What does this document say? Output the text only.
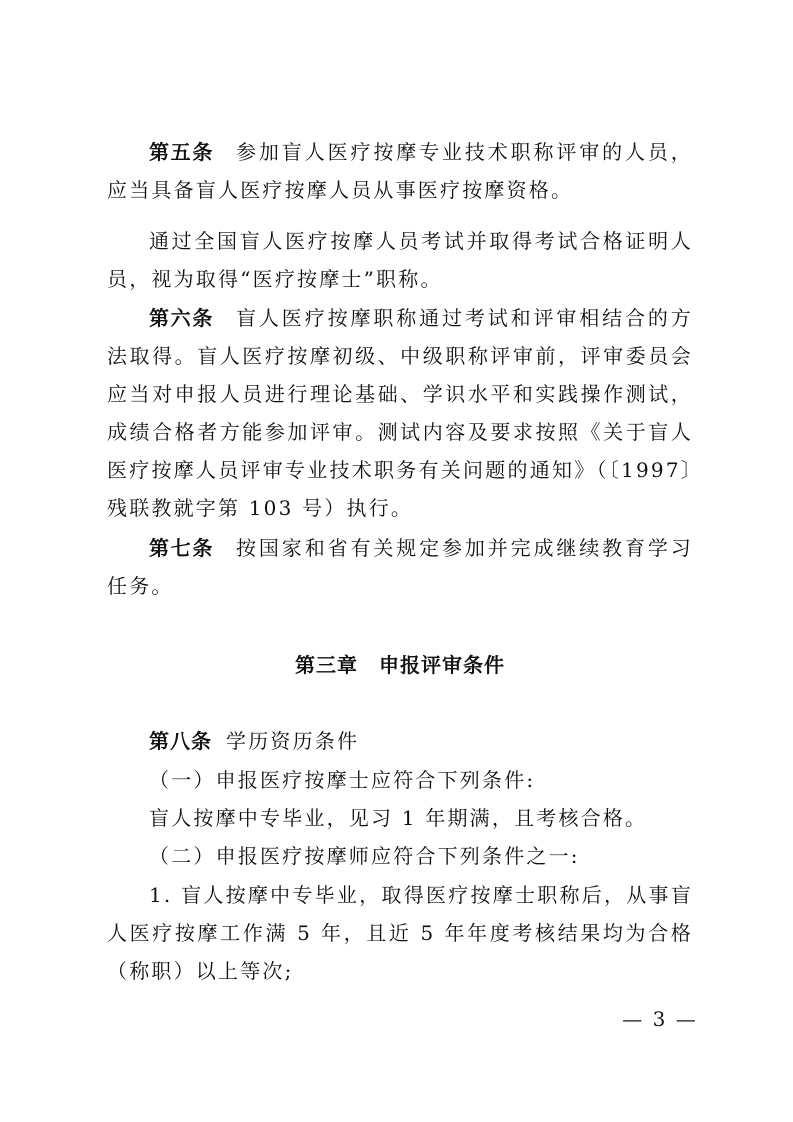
第五条 参加盲人医疗按摩专业技术职称评审的人员，应当具备盲人医疗按摩人员从事医疗按摩资格。

通过全国盲人医疗按摩人员考试并取得考试合格证明人员，视为取得“医疗按摩士”职称。

第六条 盲人医疗按摩职称通过考试和评审相结合的方法取得。盲人医疗按摩初级、中级职称评审前，评审委员会应当对申报人员进行理论基础、学识水平和实践操作测试，成绩合格者方能参加评审。测试内容及要求按照《关于盲人医疗按摩人员评审专业技术职务有关问题的通知》（〔1997〕残联教就字第 103 号）执行。

第七条 按国家和省有关规定参加并完成继续教育学习任务。

第三章　申报评审条件

第八条 学历资历条件

（一）申报医疗按摩士应符合下列条件:

盲人按摩中专毕业，见习 1 年期满，且考核合格。

（二）申报医疗按摩师应符合下列条件之一:

1. 盲人按摩中专毕业，取得医疗按摩士职称后，从事盲人医疗按摩工作满 5 年，且近 5 年年度考核结果均为合格（称职）以上等次;

— 3 —
